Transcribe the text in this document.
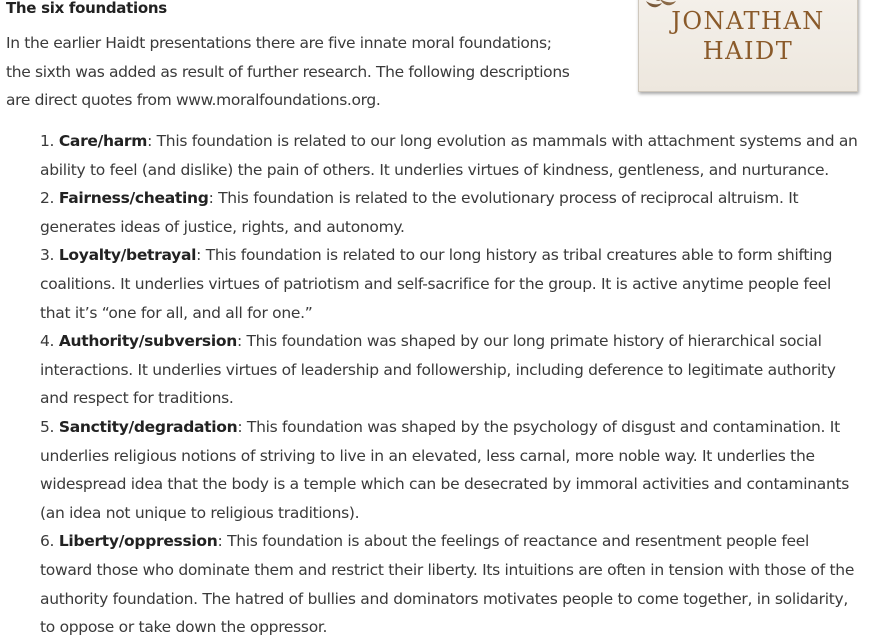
The six foundations

In the earlier Haidt presentations there are five innate moral foundations; the sixth was added as result of further research. The following descriptions are direct quotes from www.moralfoundations.org.

JONATHAN
HAIDT
1. Care/harm: This foundation is related to our long evolution as mammals with attachment systems and an ability to feel (and dislike) the pain of others. It underlies virtues of kindness, gentleness, and nurturance.
2. Fairness/cheating: This foundation is related to the evolutionary process of reciprocal altruism. It generates ideas of justice, rights, and autonomy.
3. Loyalty/betrayal: This foundation is related to our long history as tribal creatures able to form shifting coalitions. It underlies virtues of patriotism and self-sacrifice for the group. It is active anytime people feel that it’s “one for all, and all for one.”
4. Authority/subversion: This foundation was shaped by our long primate history of hierarchical social interactions. It underlies virtues of leadership and followership, including deference to legitimate authority and respect for traditions.
5. Sanctity/degradation: This foundation was shaped by the psychology of disgust and contamination. It underlies religious notions of striving to live in an elevated, less carnal, more noble way. It underlies the widespread idea that the body is a temple which can be desecrated by immoral activities and contaminants (an idea not unique to religious traditions).
6. Liberty/oppression: This foundation is about the feelings of reactance and resentment people feel toward those who dominate them and restrict their liberty. Its intuitions are often in tension with those of the authority foundation. The hatred of bullies and dominators motivates people to come together, in solidarity, to oppose or take down the oppressor.
